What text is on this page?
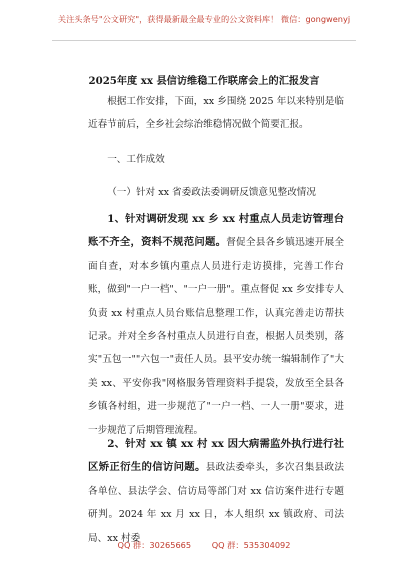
关注头条号"公文研究"，获得最新最全最专业的公文资料库！ 微信：gongwenyj
2025年度 xx 县信访维稳工作联席会上的汇报发言

根据工作安排，下面，xx 乡围绕 2025 年以来特别是临近春节前后，全乡社会综治维稳情况做个简要汇报。

一、工作成效
（一）针对 xx 省委政法委调研反馈意见整改情况

1、针对调研发现 xx 乡 xx 村重点人员走访管理台账不齐全，资料不规范问题。督促全县各乡镇迅速开展全面自查，对本乡镇内重点人员进行走访摸排，完善工作台账，做到"一户一档"、"一户一册"。重点督促 xx 乡安排专人负责 xx 村重点人员台账信息整理工作，认真完善走访帮扶记录。并对全乡各村重点人员进行自查，根据人员类别，落实"五包一""六包一"责任人员。县平安办统一编辑制作了"大美 xx、平安你我"网格服务管理资料手提袋，发放至全县各乡镇各村组，进一步规范了"一户一档、一人一册"要求，进一步规范了后期管理流程。

2、针对 xx 镇 xx 村 xx 因大病需监外执行进行社区矫正衍生的信访问题。县政法委牵头，多次召集县政法各单位、县法学会、信访局等部门对 xx 信访案件进行专题研判。2024 年 xx 月 xx 日，本人组织 xx 镇政府、司法局、xx 村委

QQ 群：30265665	QQ 群：535304092
